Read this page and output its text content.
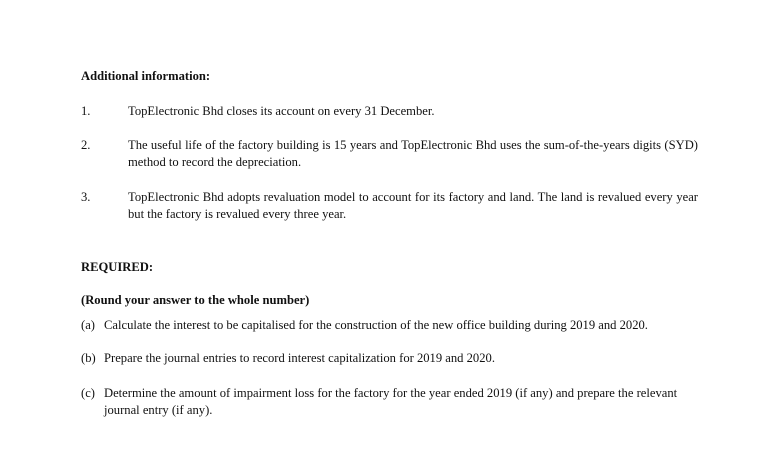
Additional information:
1.	TopElectronic Bhd closes its account on every 31 December.
2.	The useful life of the factory building is 15 years and TopElectronic Bhd uses the sum-of-the-years digits (SYD) method to record the depreciation.
3.	TopElectronic Bhd adopts revaluation model to account for its factory and land. The land is revalued every year but the factory is revalued every three year.
REQUIRED:
(Round your answer to the whole number)
(a) Calculate the interest to be capitalised for the construction of the new office building during 2019 and 2020.
(b) Prepare the journal entries to record interest capitalization for 2019 and 2020.
(c) Determine the amount of impairment loss for the factory for the year ended 2019 (if any) and prepare the relevant journal entry (if any).
